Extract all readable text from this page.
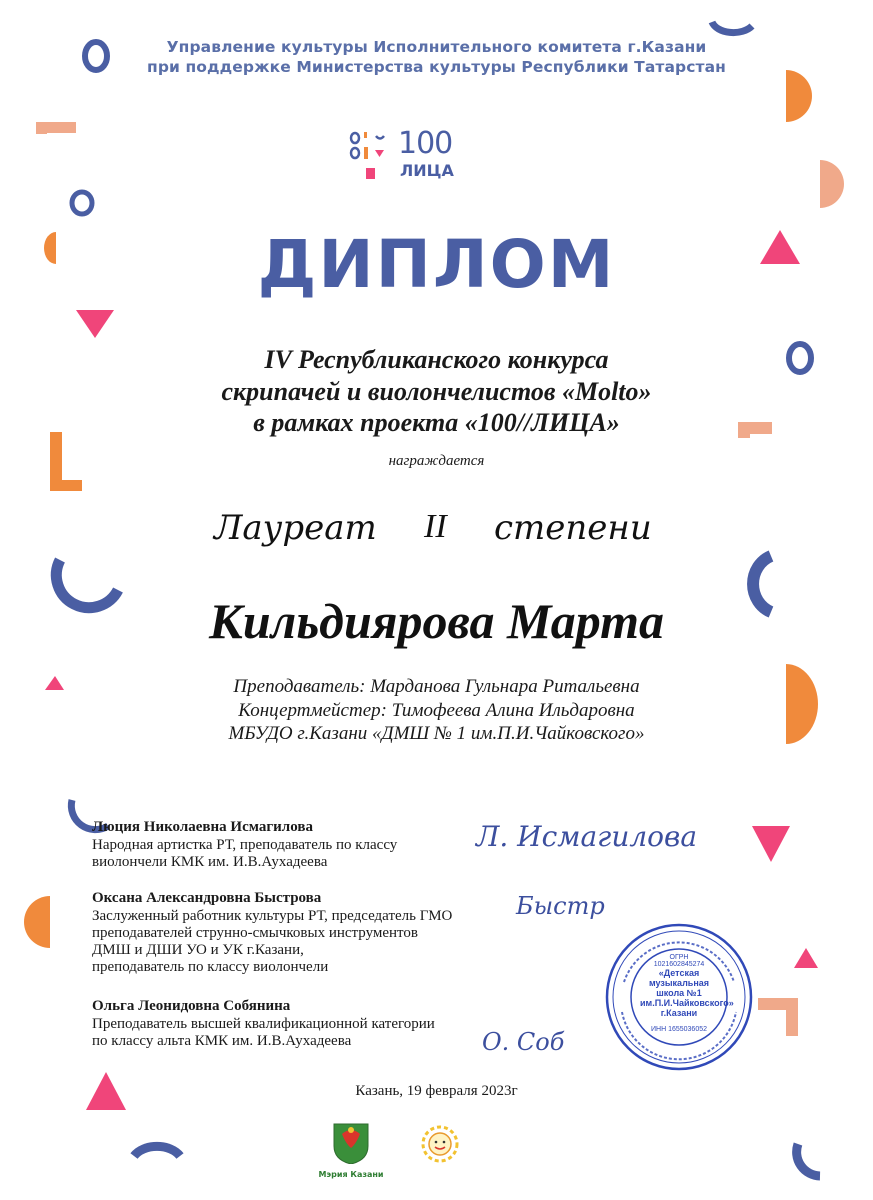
Управление культуры Исполнительного комитета г.Казани
при поддержке Министерства культуры Республики Татарстан
100
ЛИЦА
ДИПЛОМ
IV Республиканского конкурса
скрипачей и виолончелистов «Molto»
в рамках проекта «100//ЛИЦА»
награждается
Лауреат II степени
Кильдиярова Марта
Преподаватель: Марданова Гульнара Ритальевна
Концертмейстер: Тимофеева Алина Ильдаровна
МБУДО г.Казани «ДМШ № 1 им.П.И.Чайковского»
Люция Николаевна Исмагилова
Народная артистка РТ, преподаватель по классу
виолончели КМК им. И.В.Аухадеева
Л. Исмагилова
Оксана Александровна Быстрова
Заслуженный работник культуры РТ, председатель ГМО
преподавателей струнно-смычковых инструментов
ДМШ и ДШИ УО и УК г.Казани,
преподаватель по классу виолончели
Быстр
Ольга Леонидовна Собянина
Преподаватель высшей квалификационной категории
по классу альта КМК им. И.В.Аухадеева	О. Соб
«Детская
музыкальная школа №1
им.П.И.Чайковского»
г.Казани
ОГРН 1021602845274
ИНН 1655036052
Казань, 19 февраля 2023г
Мэрия Казани
